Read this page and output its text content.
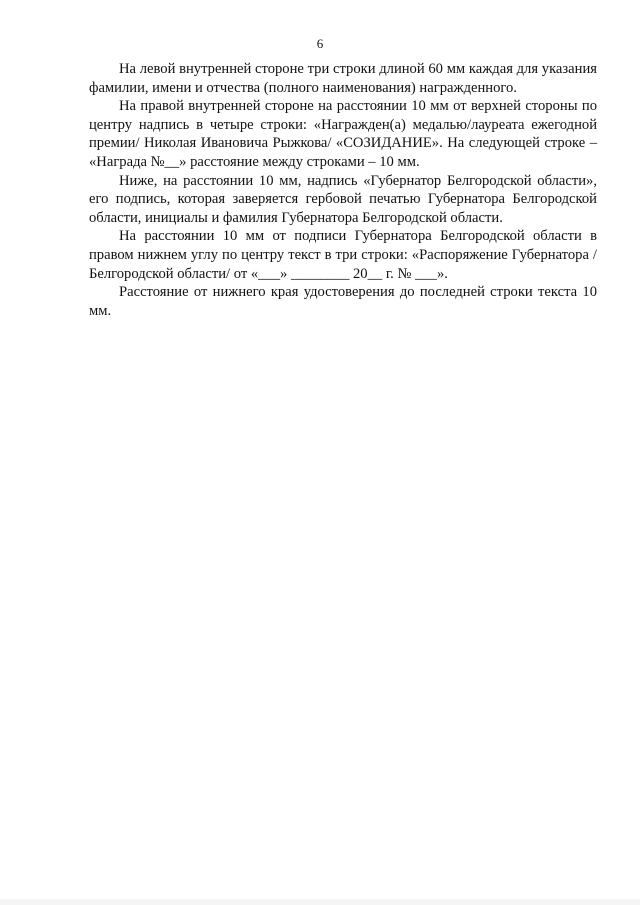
6

На левой внутренней стороне три строки длиной 60 мм каждая для указания фамилии, имени и отчества (полного наименования) награжденного.

На правой внутренней стороне на расстоянии 10 мм от верхней стороны по центру надпись в четыре строки: «Награжден(а) медалью/лауреата ежегодной премии/ Николая Ивановича Рыжкова/ «СОЗИДАНИЕ». На следующей строке – «Награда №__» расстояние между строками – 10 мм.

Ниже, на расстоянии 10 мм, надпись «Губернатор Белгородской области», его подпись, которая заверяется гербовой печатью Губернатора Белгородской области, инициалы и фамилия Губернатора Белгородской области.

На расстоянии 10 мм от подписи Губернатора Белгородской области в правом нижнем углу по центру текст в три строки: «Распоряжение Губернатора /Белгородской области/ от «___» ________ 20__ г. № ___».

Расстояние от нижнего края удостоверения до последней строки текста 10 мм.
